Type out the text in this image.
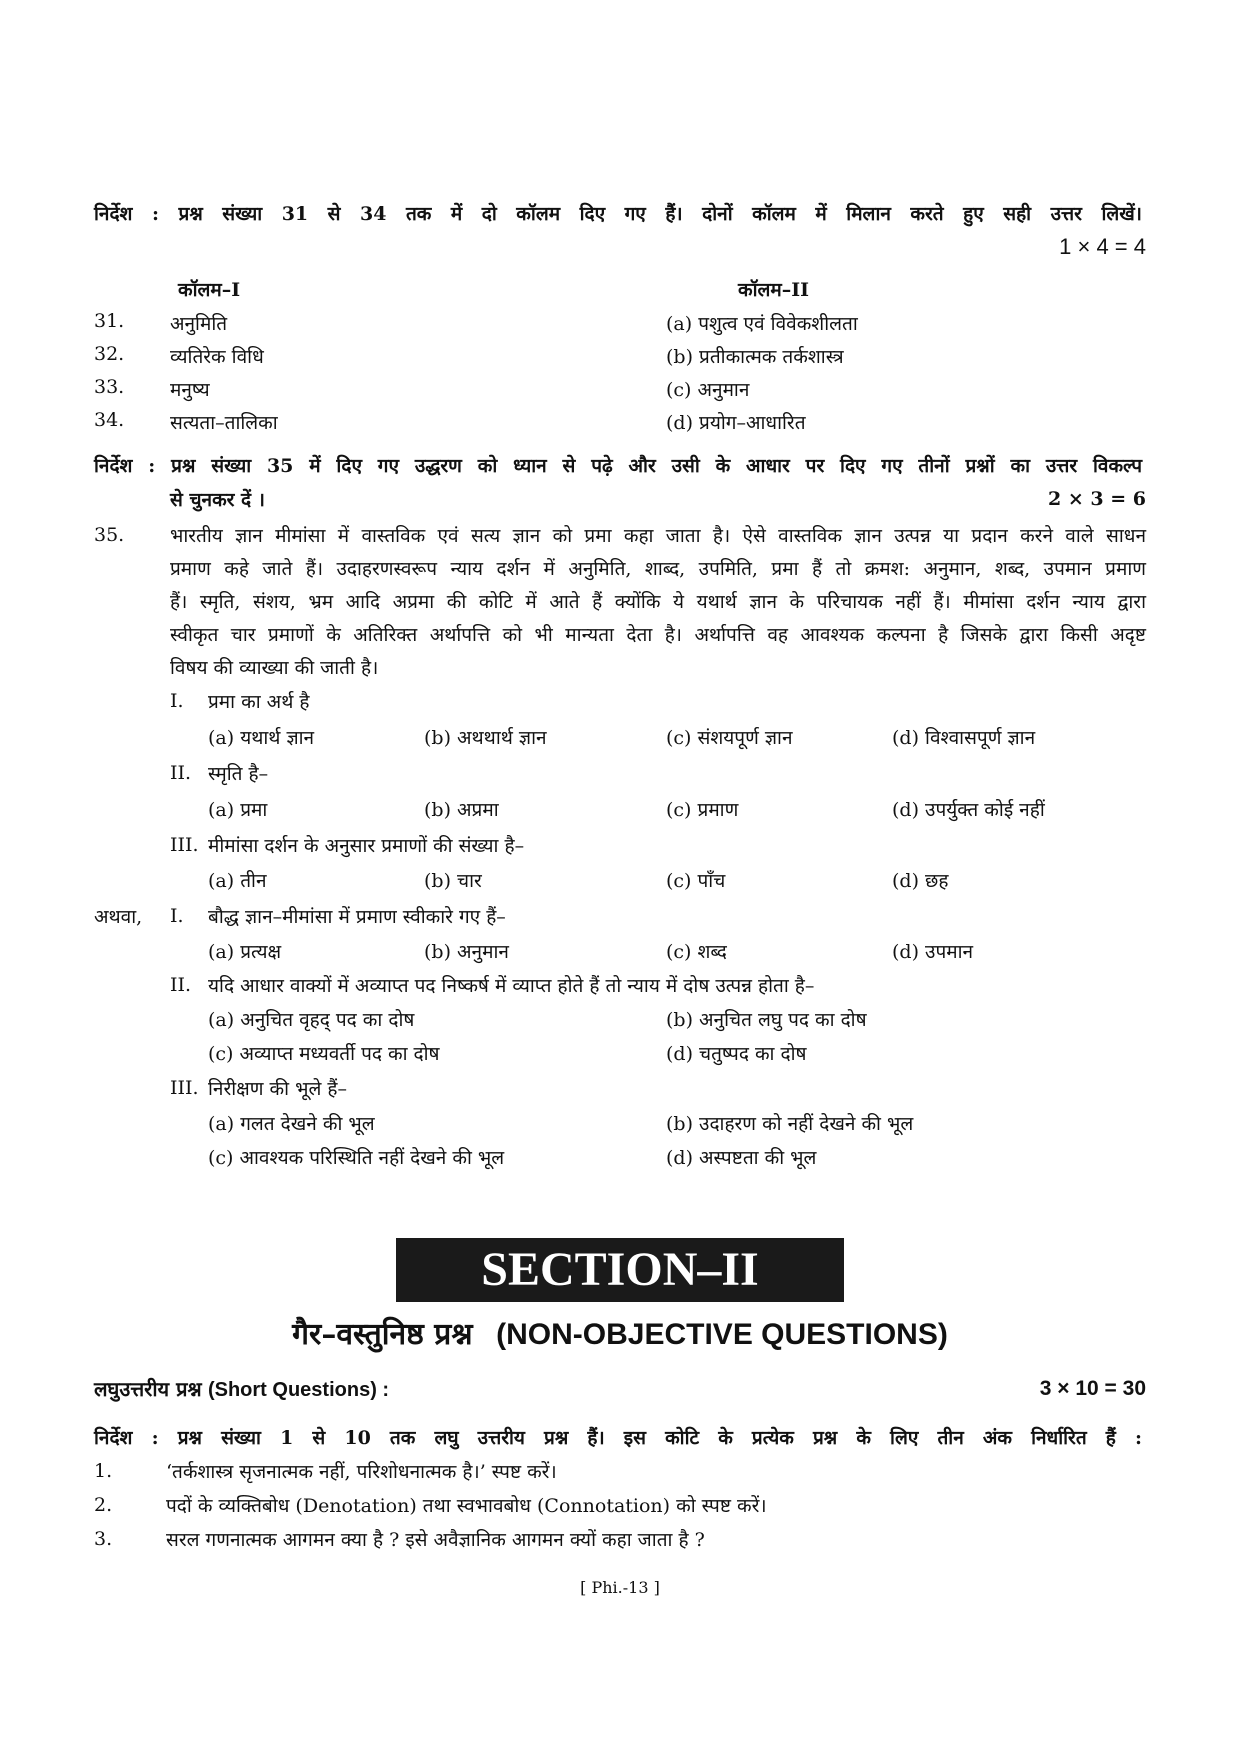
निर्देश : प्रश्न संख्या 31 से 34 तक में दो कॉलम दिए गए हैं। दोनों कॉलम में मिलान करते हुए सही उत्तर लिखें।
1 × 4 = 4
कॉलम–I	कॉलम–II
31. अनुमिति	(a) पशुत्व एवं विवेकशीलता
32. व्यतिरेक विधि	(b) प्रतीकात्मक तर्कशास्त्र
33. मनुष्य	(c) अनुमान
34. सत्यता–तालिका	(d) प्रयोग–आधारित
निर्देश : प्रश्न संख्या 35 में दिए गए उद्धरण को ध्यान से पढ़े और उसी के आधार पर दिए गए तीनों प्रश्नों का उत्तर विकल्प
से चुनकर दें ।	2 × 3 = 6
35. भारतीय ज्ञान मीमांसा में वास्तविक एवं सत्य ज्ञान को प्रमा कहा जाता है। ऐसे वास्तविक ज्ञान उत्पन्न या प्रदान करने वाले साधन
प्रमाण कहे जाते हैं। उदाहरणस्वरूप न्याय दर्शन में अनुमिति, शाब्द, उपमिति, प्रमा हैं तो क्रमश: अनुमान, शब्द, उपमान प्रमाण
हैं। स्मृति, संशय, भ्रम आदि अप्रमा की कोटि में आते हैं क्योंकि ये यथार्थ ज्ञान के परिचायक नहीं हैं। मीमांसा दर्शन न्याय द्वारा
स्वीकृत चार प्रमाणों के अतिरिक्त अर्थापत्ति को भी मान्यता देता है। अर्थापत्ति वह आवश्यक कल्पना है जिसके द्वारा किसी अदृष्ट
विषय की व्याख्या की जाती है।
I. प्रमा का अर्थ है
(a) यथार्थ ज्ञान	(b) अथथार्थ ज्ञान	(c) संशयपूर्ण ज्ञान	(d) विश्वासपूर्ण ज्ञान
II. स्मृति है–
(a) प्रमा	(b) अप्रमा	(c) प्रमाण	(d) उपर्युक्त कोई नहीं
III. मीमांसा दर्शन के अनुसार प्रमाणों की संख्या है–
(a) तीन	(b) चार	(c) पाँच	(d) छह
अथवा, I. बौद्ध ज्ञान–मीमांसा में प्रमाण स्वीकारे गए हैं–
(a) प्रत्यक्ष	(b) अनुमान	(c) शब्द	(d) उपमान
II. यदि आधार वाक्यों में अव्याप्त पद निष्कर्ष में व्याप्त होते हैं तो न्याय में दोष उत्पन्न होता है–
(a) अनुचित वृहद् पद का दोष	(b) अनुचित लघु पद का दोष
(c) अव्याप्त मध्यवर्ती पद का दोष	(d) चतुष्पद का दोष
III. निरीक्षण की भूले हैं–
(a) गलत देखने की भूल	(b) उदाहरण को नहीं देखने की भूल
(c) आवश्यक परिस्थिति नहीं देखने की भूल	(d) अस्पष्टता की भूल
SECTION–II
गैर–वस्तुनिष्ठ प्रश्न (NON-OBJECTIVE QUESTIONS)
लघुउत्तरीय प्रश्न (Short Questions) :	3 × 10 = 30
निर्देश : प्रश्न संख्या 1 से 10 तक लघु उत्तरीय प्रश्न हैं। इस कोटि के प्रत्येक प्रश्न के लिए तीन अंक निर्धारित हैं :
1.	‘तर्कशास्त्र सृजनात्मक नहीं, परिशोधनात्मक है।’ स्पष्ट करें।
2.	पदों के व्यक्तिबोध (Denotation) तथा स्वभावबोध (Connotation) को स्पष्ट करें।
3.	सरल गणनात्मक आगमन क्या है ? इसे अवैज्ञानिक आगमन क्यों कहा जाता है ?
[ Phi.-13 ]
